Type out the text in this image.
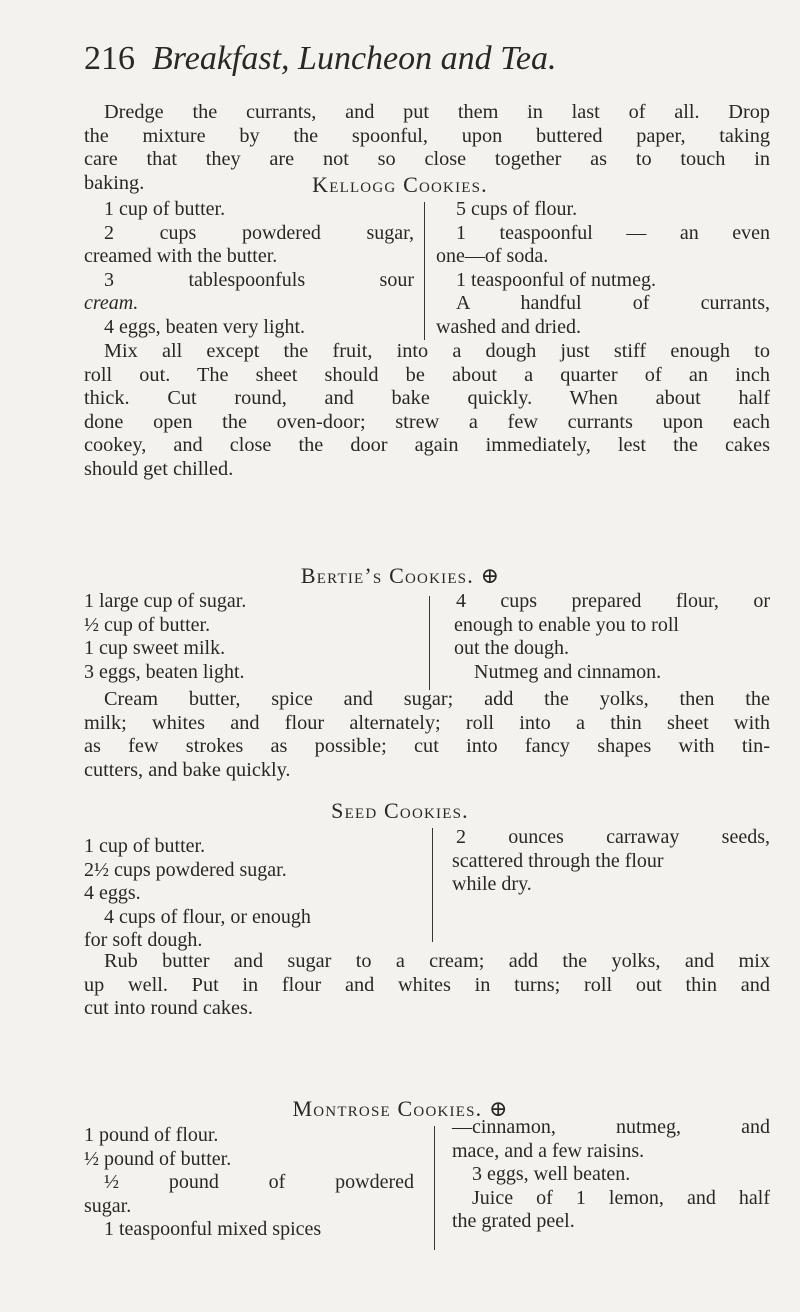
216 Breakfast, Luncheon and Tea.
Dredge the currants, and put them in last of all. Drop
the mixture by the spoonful, upon buttered paper, taking
care that they are not so close together as to touch in
baking.	Kellogg Cookies.
1 cup of butter.
2 cups powdered sugar,
creamed with the butter.
3 tablespoonfuls sour
cream.
4 eggs, beaten very light.
5 cups of flour.
1 teaspoonful — an even
one—of soda.
1 teaspoonful of nutmeg.
A handful of currants,
washed and dried.
Mix all except the fruit, into a dough just stiff enough to
roll out. The sheet should be about a quarter of an inch
thick. Cut round, and bake quickly. When about half
done open the oven-door; strew a few currants upon each
cookey, and close the door again immediately, lest the cakes
should get chilled.
Bertie’s Cookies. ⊕
1 large cup of sugar.
½ cup of butter.
1 cup sweet milk.
3 eggs, beaten light.
4 cups prepared flour, or
enough to enable you to roll
out the dough.
Nutmeg and cinnamon.
Cream butter, spice and sugar; add the yolks, then the
milk; whites and flour alternately; roll into a thin sheet with
as few strokes as possible; cut into fancy shapes with tin-
cutters, and bake quickly.
Seed Cookies.
1 cup of butter.
2½ cups powdered sugar.
4 eggs.
4 cups of flour, or enough
for soft dough.
2 ounces carraway seeds,
scattered through the flour
while dry.
Rub butter and sugar to a cream; add the yolks, and mix
up well. Put in flour and whites in turns; roll out thin and
cut into round cakes.
Montrose Cookies. ⊕
1 pound of flour.
½ pound of butter.
½ pound of powdered
sugar.
1 teaspoonful mixed spices
—cinnamon, nutmeg, and
mace, and a few raisins.
3 eggs, well beaten.
Juice of 1 lemon, and half
the grated peel.
